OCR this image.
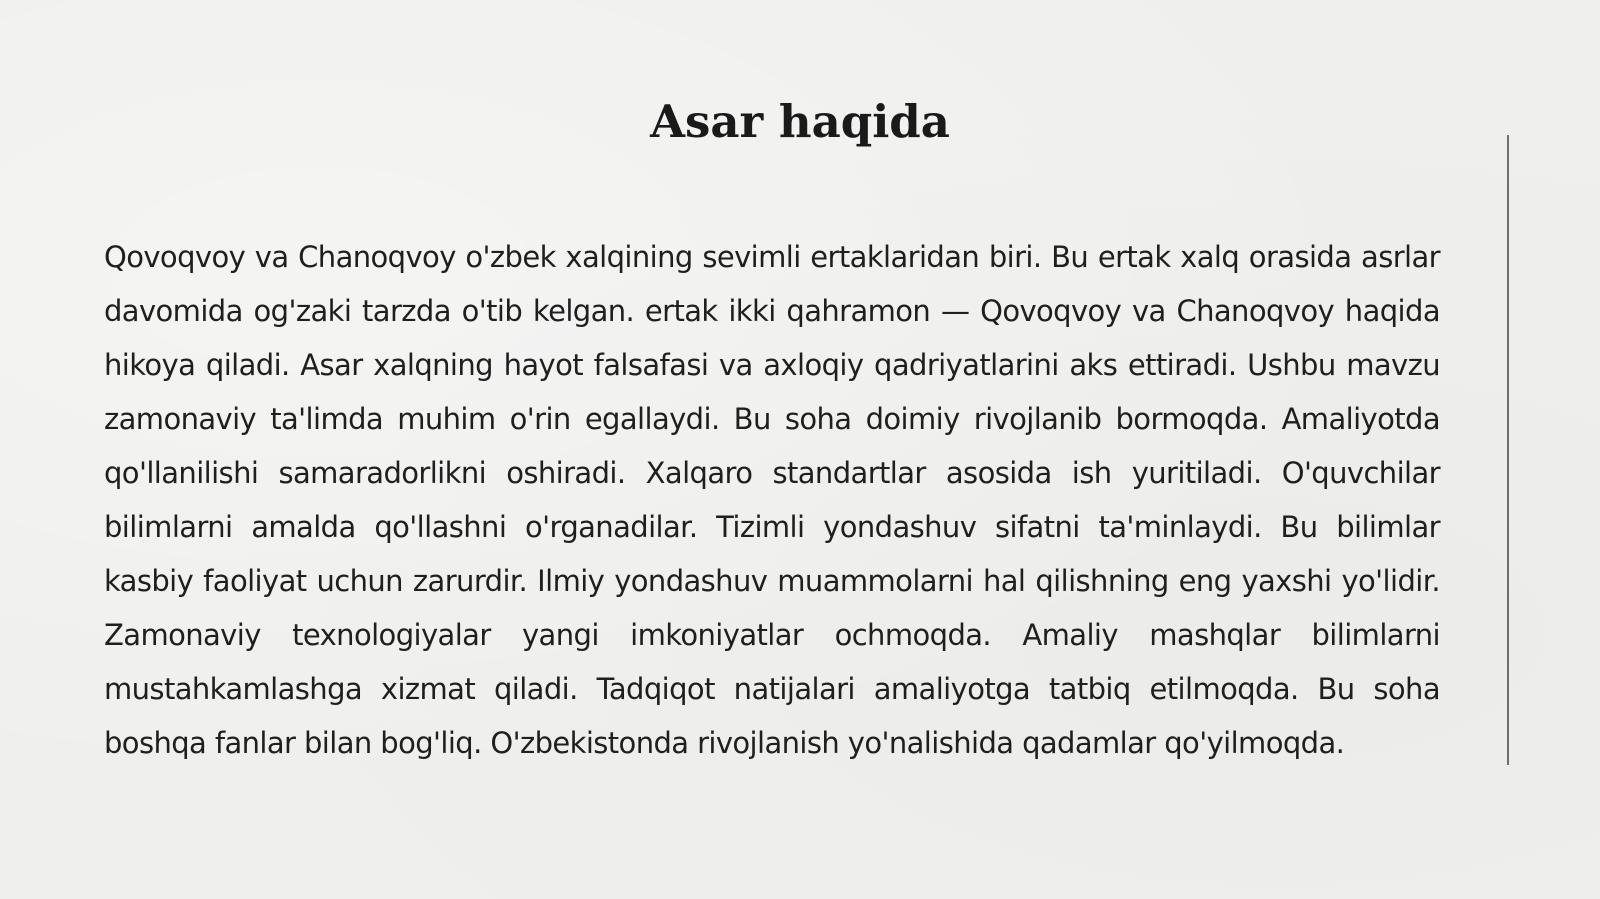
Asar haqida

Qovoqvoy va Chanoqvoy o'zbek xalqining sevimli ertaklaridan biri. Bu ertak xalq orasida asrlar davomida og'zaki tarzda o'tib kelgan. ertak ikki qahramon — Qovoqvoy va Chanoqvoy haqida hikoya qiladi. Asar xalqning hayot falsafasi va axloqiy qadriyatlarini aks ettiradi. Ushbu mavzu zamonaviy ta'limda muhim o'rin egallaydi. Bu soha doimiy rivojlanib bormoqda. Amaliyotda qo'llanilishi samaradorlikni oshiradi. Xalqaro standartlar asosida ish yuritiladi. O'quvchilar bilimlarni amalda qo'llashni o'rganadilar. Tizimli yondashuv sifatni ta'minlaydi. Bu bilimlar kasbiy faoliyat uchun zarurdir. Ilmiy yondashuv muammolarni hal qilishning eng yaxshi yo'lidir. Zamonaviy texnologiyalar yangi imkoniyatlar ochmoqda. Amaliy mashqlar bilimlarni mustahkamlashga xizmat qiladi. Tadqiqot natijalari amaliyotga tatbiq etilmoqda. Bu soha boshqa fanlar bilan bog'liq. O'zbekistonda rivojlanish yo'nalishida qadamlar qo'yilmoqda.
